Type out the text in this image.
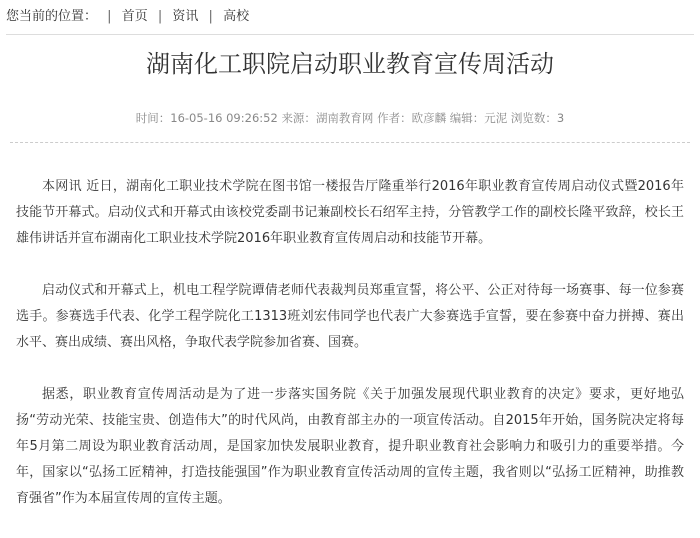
您当前的位置： | 首页 | 资讯 | 高校
湖南化工职院启动职业教育宣传周活动
时间：16-05-16 09:26:52 来源：湖南教育网 作者：欧彦麟 编辑：元泥 浏览数：3

本网讯 近日，湖南化工职业技术学院在图书馆一楼报告厅隆重举行2016年职业教育宣传周启动仪式暨2016年技能节开幕式。启动仪式和开幕式由该校党委副书记兼副校长石绍军主持，分管教学工作的副校长隆平致辞，校长王雄伟讲话并宣布湖南化工职业技术学院2016年职业教育宣传周启动和技能节开幕。

启动仪式和开幕式上，机电工程学院谭倩老师代表裁判员郑重宣誓，将公平、公正对待每一场赛事、每一位参赛选手。参赛选手代表、化学工程学院化工1313班刘宏伟同学也代表广大参赛选手宣誓，要在参赛中奋力拼搏、赛出水平、赛出成绩、赛出风格，争取代表学院参加省赛、国赛。

据悉，职业教育宣传周活动是为了进一步落实国务院《关于加强发展现代职业教育的决定》要求，更好地弘扬“劳动光荣、技能宝贵、创造伟大”的时代风尚，由教育部主办的一项宣传活动。自2015年开始，国务院决定将每年5月第二周设为职业教育活动周，是国家加快发展职业教育，提升职业教育社会影响力和吸引力的重要举措。今年，国家以“弘扬工匠精神，打造技能强国”作为职业教育宣传活动周的宣传主题，我省则以“弘扬工匠精神，助推教育强省”作为本届宣传周的宣传主题。
